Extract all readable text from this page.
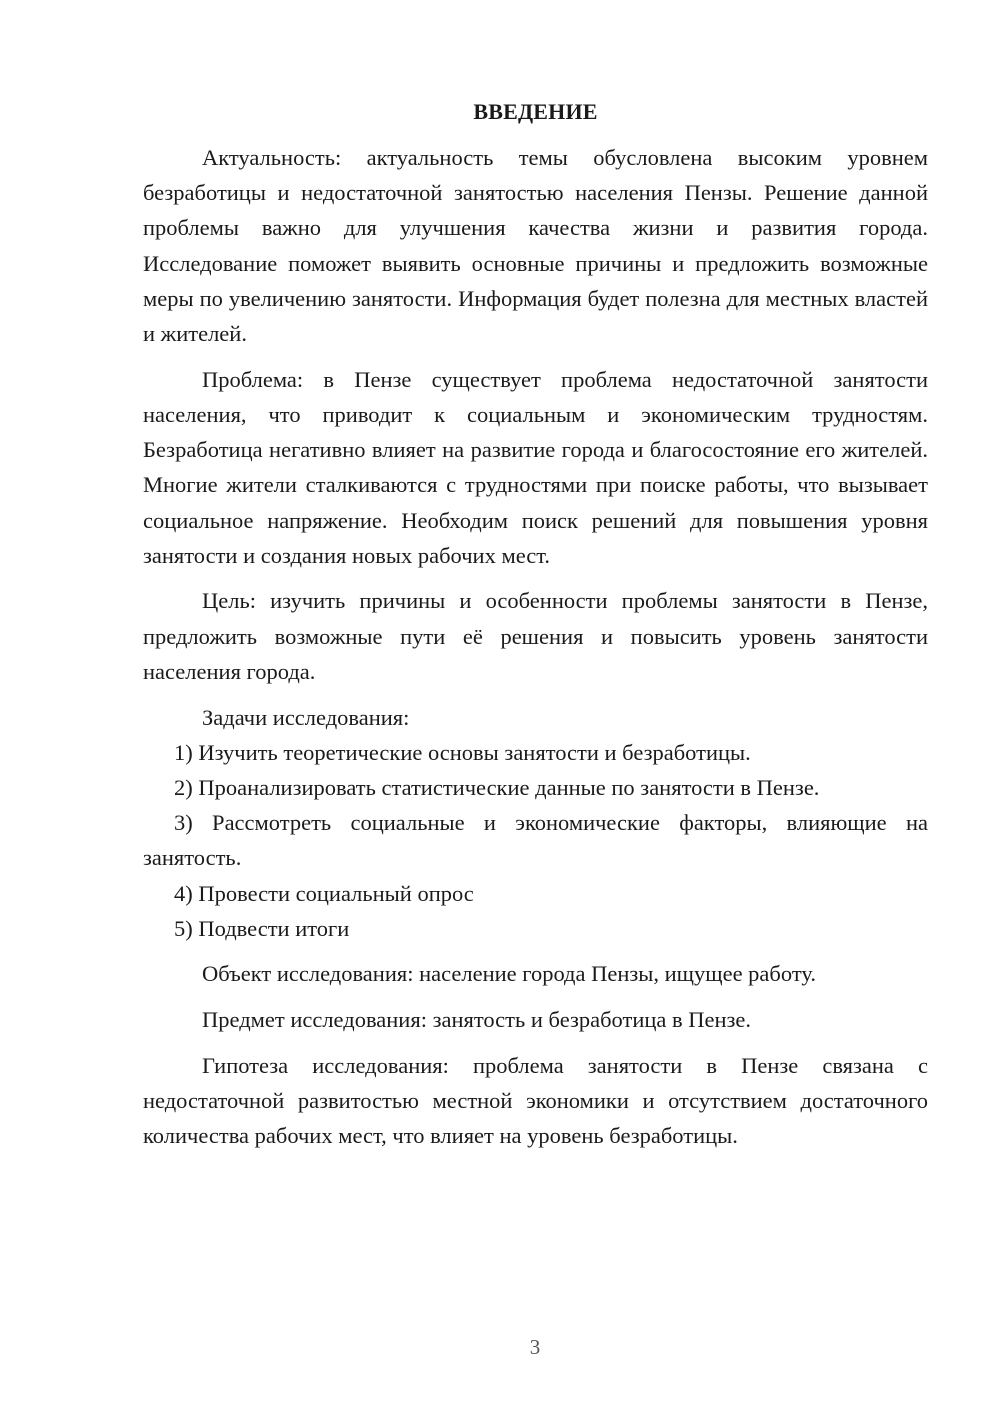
ВВЕДЕНИЕ

Актуальность: актуальность темы обусловлена высоким уровнем безработицы и недостаточной занятостью населения Пензы. Решение данной проблемы важно для улучшения качества жизни и развития города. Исследование поможет выявить основные причины и предложить возможные меры по увеличению занятости. Информация будет полезна для местных властей и жителей.

Проблема: в Пензе существует проблема недостаточной занятости населения, что приводит к социальным и экономическим трудностям. Безработица негативно влияет на развитие города и благосостояние его жителей. Многие жители сталкиваются с трудностями при поиске работы, что вызывает социальное напряжение. Необходим поиск решений для повышения уровня занятости и создания новых рабочих мест.

Цель: изучить причины и особенности проблемы занятости в Пензе, предложить возможные пути её решения и повысить уровень занятости населения города.

Задачи исследования:

1) Изучить теоретические основы занятости и безработицы.

2) Проанализировать статистические данные по занятости в Пензе.

3) Рассмотреть социальные и экономические факторы, влияющие на занятость.

4) Провести социальный опрос

5) Подвести итоги

Объект исследования: население города Пензы, ищущее работу.

Предмет исследования: занятость и безработица в Пензе.

Гипотеза исследования: проблема занятости в Пензе связана с недостаточной развитостью местной экономики и отсутствием достаточного количества рабочих мест, что влияет на уровень безработицы.

3
